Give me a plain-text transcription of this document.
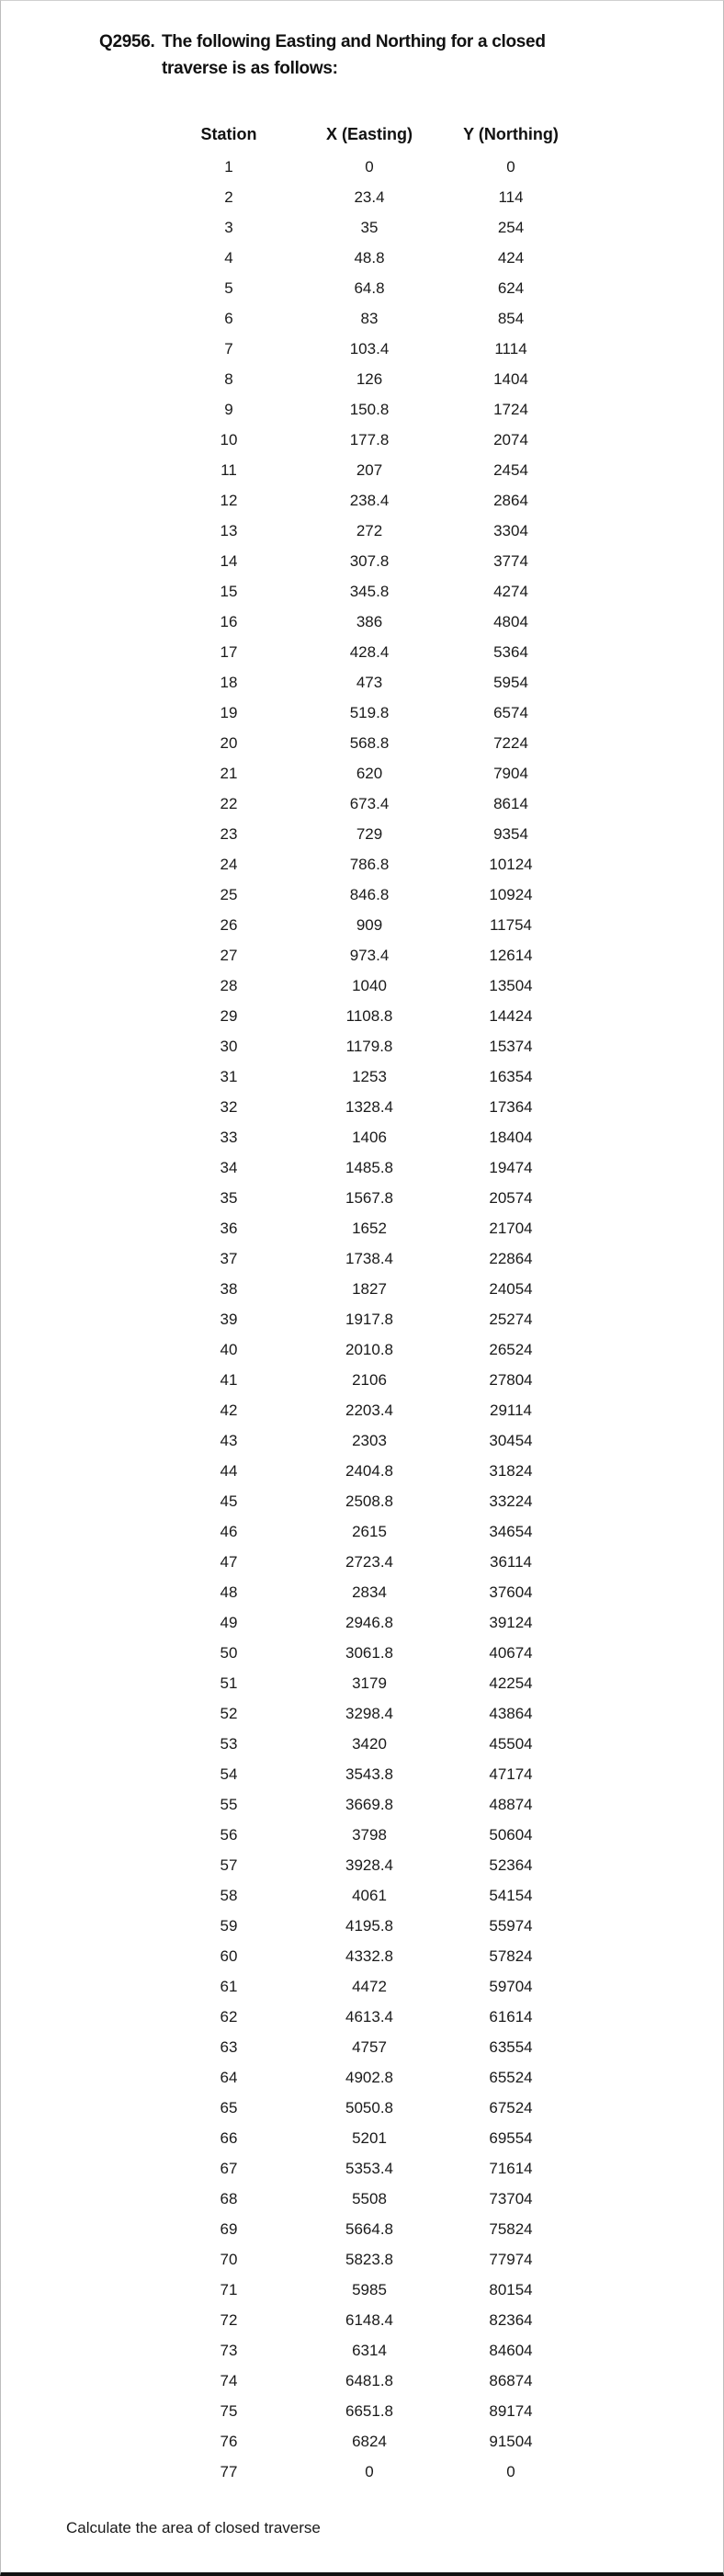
Q2956. The following Easting and Northing for a closed
traverse is as follows:
Station	X (Easting)	Y (Northing)
1	0	0
2	23.4	114
3	35	254
4	48.8	424
5	64.8	624
6	83	854
7	103.4	1114
8	126	1404
9	150.8	1724
10	177.8	2074
11	207	2454
12	238.4	2864
13	272	3304
14	307.8	3774
15	345.8	4274
16	386	4804
17	428.4	5364
18	473	5954
19	519.8	6574
20	568.8	7224
21	620	7904
22	673.4	8614
23	729	9354
24	786.8	10124
25	846.8	10924
26	909	11754
27	973.4	12614
28	1040	13504
29	1108.8	14424
30	1179.8	15374
31	1253	16354
32	1328.4	17364
33	1406	18404
34	1485.8	19474
35	1567.8	20574
36	1652	21704
37	1738.4	22864
38	1827	24054
39	1917.8	25274
40	2010.8	26524
41	2106	27804
42	2203.4	29114
43	2303	30454
44	2404.8	31824
45	2508.8	33224
46	2615	34654
47	2723.4	36114
48	2834	37604
49	2946.8	39124
50	3061.8	40674
51	3179	42254
52	3298.4	43864
53	3420	45504
54	3543.8	47174
55	3669.8	48874
56	3798	50604
57	3928.4	52364
58	4061	54154
59	4195.8	55974
60	4332.8	57824
61	4472	59704
62	4613.4	61614
63	4757	63554
64	4902.8	65524
65	5050.8	67524
66	5201	69554
67	5353.4	71614
68	5508	73704
69	5664.8	75824
70	5823.8	77974
71	5985	80154
72	6148.4	82364
73	6314	84604
74	6481.8	86874
75	6651.8	89174
76	6824	91504
77	0	0
Calculate the area of closed traverse
